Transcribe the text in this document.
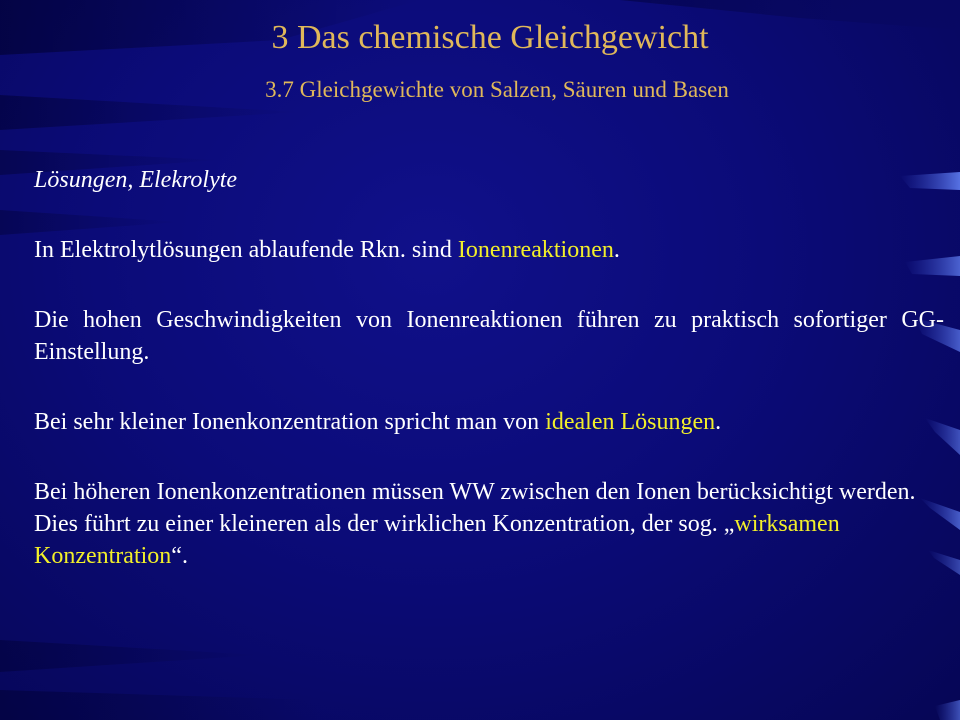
3 Das chemische Gleichgewicht
3.7 Gleichgewichte von Salzen, Säuren und Basen

Lösungen, Elekrolyte

In Elektrolytlösungen ablaufende Rkn. sind Ionenreaktionen.

Die hohen Geschwindigkeiten von Ionenreaktionen führen zu praktisch sofortiger GG-Einstellung.

Bei sehr kleiner Ionenkonzentration spricht man von idealen Lösungen.

Bei höheren Ionenkonzentrationen müssen WW zwischen den Ionen berücksichtigt werden. Dies führt zu einer kleineren als der wirklichen Konzentration, der sog. „wirksamen Konzentration“.
